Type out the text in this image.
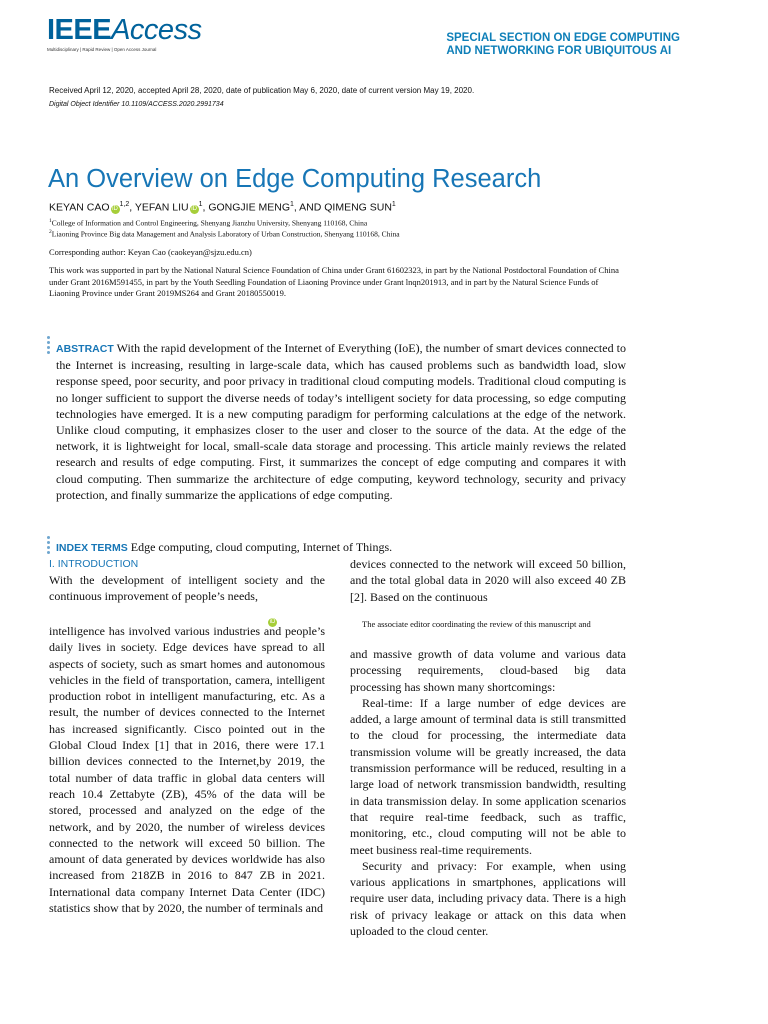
IEEEAccess
Multidisciplinary | Rapid Review | Open Access Journal
SPECIAL SECTION ON EDGE COMPUTING
AND NETWORKING FOR UBIQUITOUS AI
Received April 12, 2020, accepted April 28, 2020, date of publication May 6, 2020, date of current version May 19, 2020.
Digital Object Identifier 10.1109/ACCESS.2020.2991734
An Overview on Edge Computing Research
KEYAN CAO iD$^{1,2}$, YEFAN LIU $iD^1$, GONGJIE MENG$^1$, AND QIMENG SUN$^1$
$^1$College of Information and Control Engineering, Shenyang Jianzhu University, Shenyang 110168, China
$^2$Liaoning Province Big data Management and Analysis Laboratory of Urban Construction, Shenyang 110168, China
Corresponding author: Keyan Cao (caokeyan@sjzu.edu.cn)
This work was supported in part by the National Natural Science Foundation of China under Grant 61602323, in part by the National Postdoctoral Foundation of China under Grant 2016M591455, in part by the Youth Seedling Foundation of Liaoning Province under Grant lnqn201913, and in part by the Natural Science Funds of Liaoning Province under Grant 2019MS264 and Grant 20180550019.
ABSTRACT With the rapid development of the Internet of Everything (IoE), the number of smart devices connected to the Internet is increasing, resulting in large-scale data, which has caused problems such as bandwidth load, slow response speed, poor security, and poor privacy in traditional cloud computing models. Traditional cloud computing is no longer sufficient to support the diverse needs of today’s intelligent society for data processing, so edge computing technologies have emerged. It is a new computing paradigm for performing calculations at the edge of the network. Unlike cloud computing, it emphasizes closer to the user and closer to the source of the data. At the edge of the network, it is lightweight for local, small-scale data storage and processing. This article mainly reviews the related research and results of edge computing. First, it summarizes the concept of edge computing and compares it with cloud computing. Then summarize the architecture of edge computing, keyword technology, security and privacy protection, and finally summarize the applications of edge computing.
INDEX TERMS Edge computing, cloud computing, Internet of Things.
I. INTRODUCTION

With the development of intelligent society and the continuous improvement of people’s needs,

iD

intelligence has involved various industries and people’s daily lives in society. Edge devices have spread to all aspects of society, such as smart homes and autonomous vehicles in the field of transportation, camera, intelligent production robot in intelligent manufacturing, etc. As a result, the number of devices connected to the Internet has increased significantly. Cisco pointed out in the Global Cloud Index [1] that in 2016, there were 17.1 billion devices connected to the Internet,by 2019, the total number of data traffic in global data centers will reach 10.4 Zettabyte (ZB), 45% of the data will be stored, processed and analyzed on the edge of the network, and by 2020, the number of wireless devices connected to the network will exceed 50 billion. The amount of data generated by devices worldwide has also increased from 218ZB in 2016 to 847 ZB in 2021. International data company Internet Data Center (IDC) statistics show that by 2020, the number of terminals and

devices connected to the network will exceed 50 billion, and the total global data in 2020 will also exceed 40 ZB [2]. Based on the continuous

The associate editor coordinating the review of this manuscript and

and massive growth of data volume and various data processing requirements, cloud-based big data processing has shown many shortcomings:

Real-time: If a large number of edge devices are added, a large amount of terminal data is still transmitted to the cloud for processing, the intermediate data transmission volume will be greatly increased, the data transmission performance will be reduced, resulting in a large load of network transmission bandwidth, resulting in data transmission delay. In some application scenarios that require real-time feedback, such as traffic, monitoring, etc., cloud computing will not be able to meet business real-time requirements.

Security and privacy: For example, when using various applications in smartphones, applications will require user data, including privacy data. There is a high risk of privacy leakage or attack on this data when uploaded to the cloud center.
